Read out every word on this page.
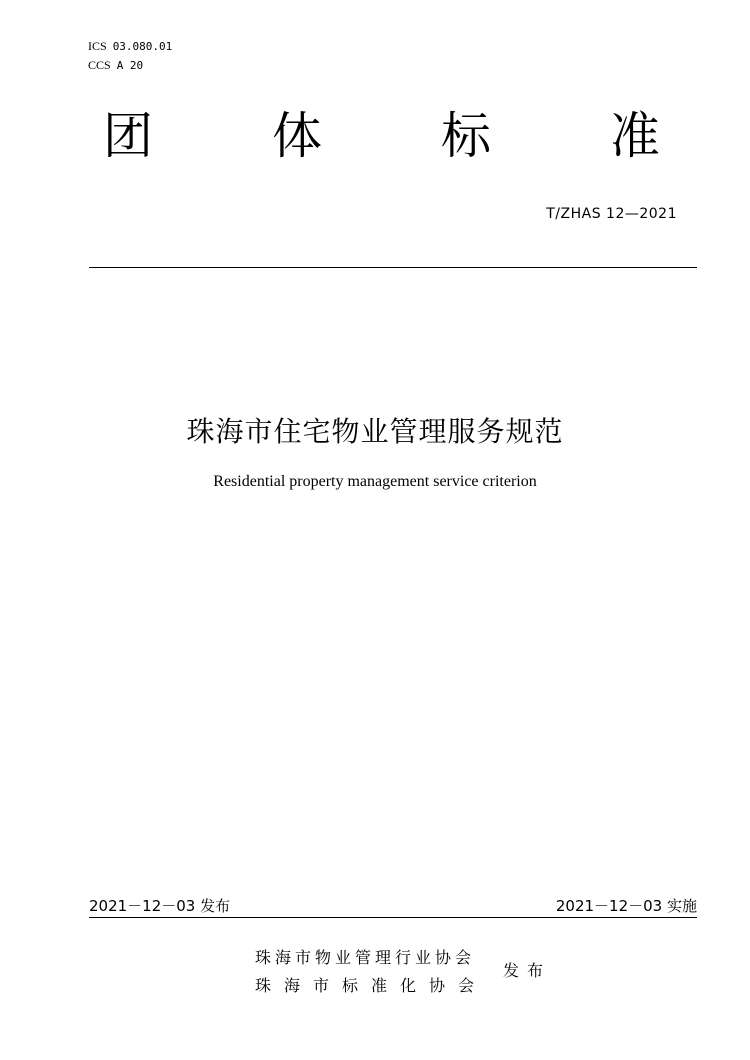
ICS 03.080.01
CCS A 20
团 体 标 准
T/ZHAS 12—2021
珠海市住宅物业管理服务规范
Residential property management service criterion
2021－12－03 发布	2021－12－03 实施
珠海市物业管理行业协会
珠海市标准化协会
发布
